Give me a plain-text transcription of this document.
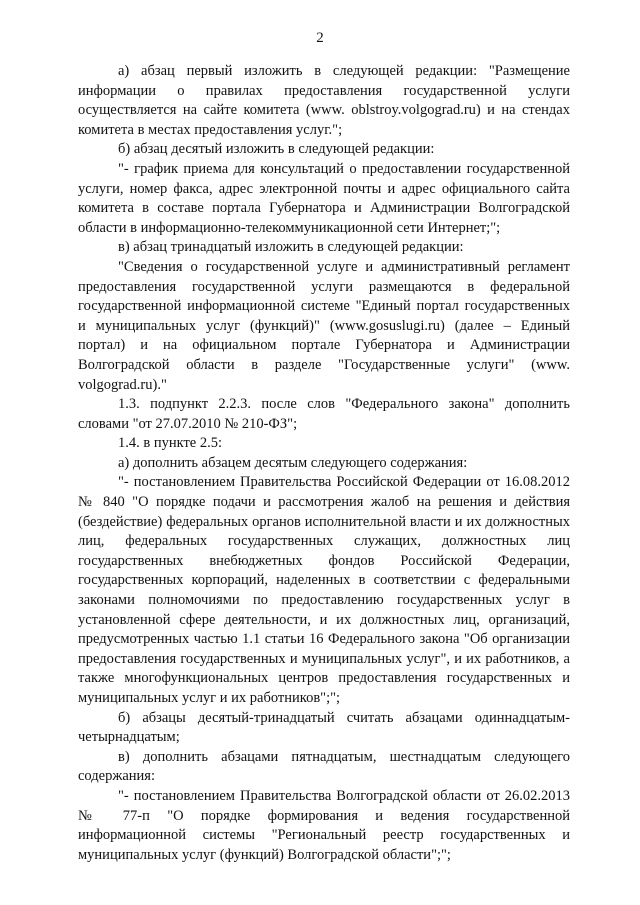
2

а) абзац первый изложить в следующей редакции: "Размещение информации о правилах предоставления государственной услуги осуществляется на сайте комитета (www. oblstroy.volgograd.ru) и на стендах комитета в местах предоставления услуг.";

б) абзац десятый изложить в следующей редакции:

"- график приема для консультаций о предоставлении государственной услуги, номер факса, адрес электронной почты и адрес официального сайта комитета в составе портала Губернатора и Администрации Волгоградской области в информационно-телекоммуникационной сети Интернет;";

в) абзац тринадцатый изложить в следующей редакции:

"Сведения о государственной услуге и административный регламент предоставления государственной услуги размещаются в федеральной государственной информационной системе "Единый портал государственных и муниципальных услуг (функций)" (www.gosuslugi.ru) (далее – Единый портал) и на официальном портале Губернатора и Администрации Волгоградской области в разделе "Государственные услуги" (www. volgograd.ru)."

1.3. подпункт 2.2.3. после слов "Федерального закона" дополнить словами "от 27.07.2010 № 210-ФЗ";

1.4. в пункте 2.5:

а) дополнить абзацем десятым следующего содержания:

"- постановлением Правительства Российской Федерации от 16.08.2012 № 840 "О порядке подачи и рассмотрения жалоб на решения и действия (бездействие) федеральных органов исполнительной власти и их должностных лиц, федеральных государственных служащих, должностных лиц государственных внебюджетных фондов Российской Федерации, государственных корпораций, наделенных в соответствии с федеральными законами полномочиями по предоставлению государственных услуг в установленной сфере деятельности, и их должностных лиц, организаций, предусмотренных частью 1.1 статьи 16 Федерального закона "Об организации предоставления государственных и муниципальных услуг", и их работников, а также многофункциональных центров предоставления государственных и муниципальных услуг и их работников";";

б) абзацы десятый-тринадцатый считать абзацами одиннадцатым-четырнадцатым;

в) дополнить абзацами пятнадцатым, шестнадцатым следующего содержания:

"- постановлением Правительства Волгоградской области от 26.02.2013 № 77-п "О порядке формирования и ведения государственной информационной системы "Региональный реестр государственных и муниципальных услуг (функций) Волгоградской области";";
